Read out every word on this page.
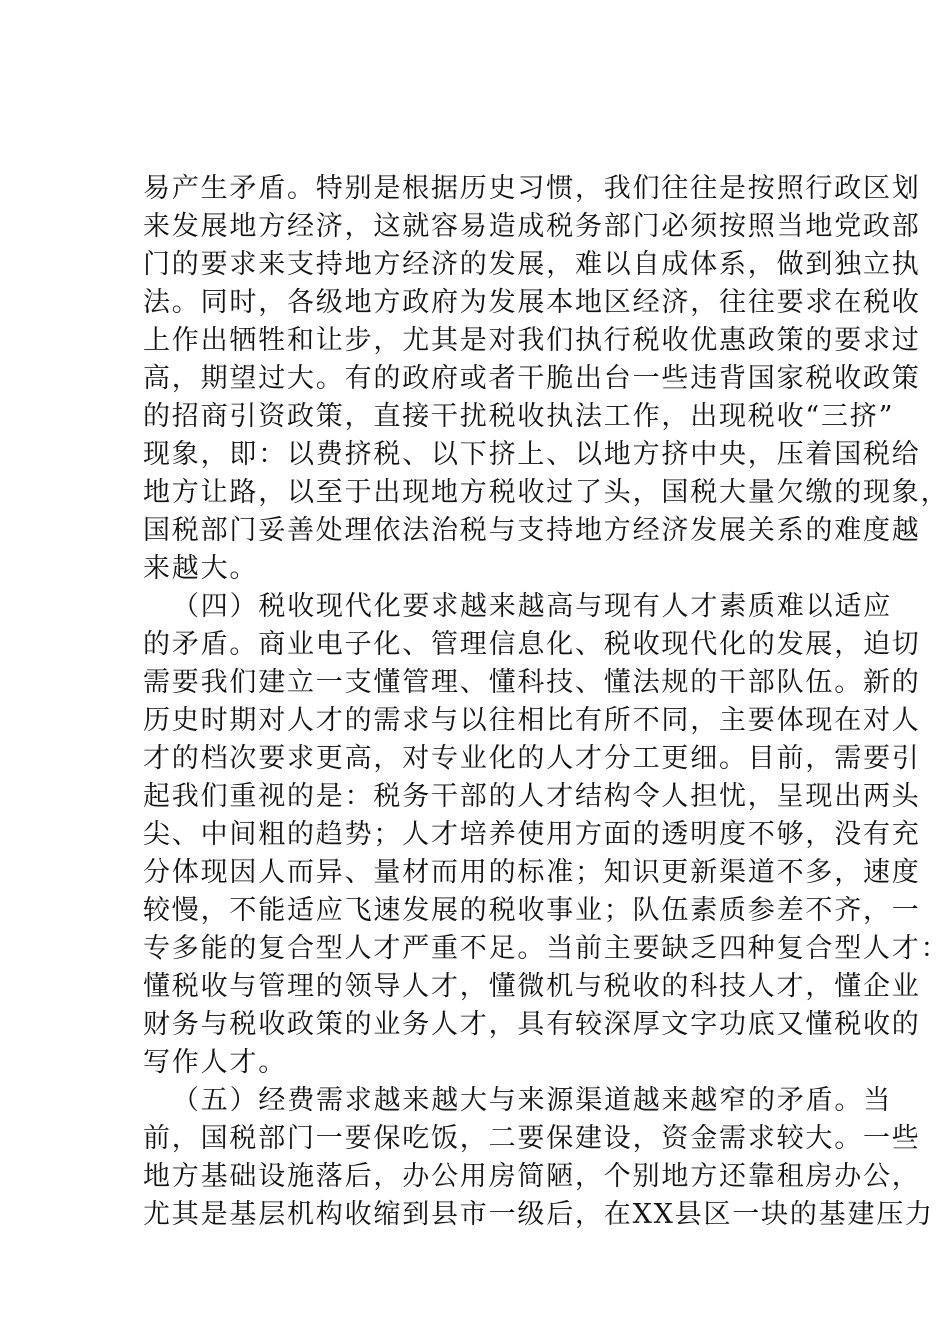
易产生矛盾。特别是根据历史习惯，我们往往是按照行政区划
来发展地方经济，这就容易造成税务部门必须按照当地党政部
门的要求来支持地方经济的发展，难以自成体系，做到独立执
法。同时，各级地方政府为发展本地区经济，往往要求在税收
上作出牺牲和让步，尤其是对我们执行税收优惠政策的要求过
高，期望过大。有的政府或者干脆出台一些违背国家税收政策
的招商引资政策，直接干扰税收执法工作，出现税收“三挤”
现象，即：以费挤税、以下挤上、以地方挤中央，压着国税给
地方让路，以至于出现地方税收过了头，国税大量欠缴的现象，
国税部门妥善处理依法治税与支持地方经济发展关系的难度越
来越大。
（四）税收现代化要求越来越高与现有人才素质难以适应
的矛盾。商业电子化、管理信息化、税收现代化的发展，迫切
需要我们建立一支懂管理、懂科技、懂法规的干部队伍。新的
历史时期对人才的需求与以往相比有所不同，主要体现在对人
才的档次要求更高，对专业化的人才分工更细。目前，需要引
起我们重视的是：税务干部的人才结构令人担忧，呈现出两头
尖、中间粗的趋势；人才培养使用方面的透明度不够，没有充
分体现因人而异、量材而用的标准；知识更新渠道不多，速度
较慢，不能适应飞速发展的税收事业；队伍素质参差不齐，一
专多能的复合型人才严重不足。当前主要缺乏四种复合型人才：
懂税收与管理的领导人才，懂微机与税收的科技人才，懂企业
财务与税收政策的业务人才，具有较深厚文字功底又懂税收的
写作人才。
（五）经费需求越来越大与来源渠道越来越窄的矛盾。当
前，国税部门一要保吃饭，二要保建设，资金需求较大。一些
地方基础设施落后，办公用房简陋，个别地方还靠租房办公，
尤其是基层机构收缩到县市一级后，在XX县区一块的基建压力
